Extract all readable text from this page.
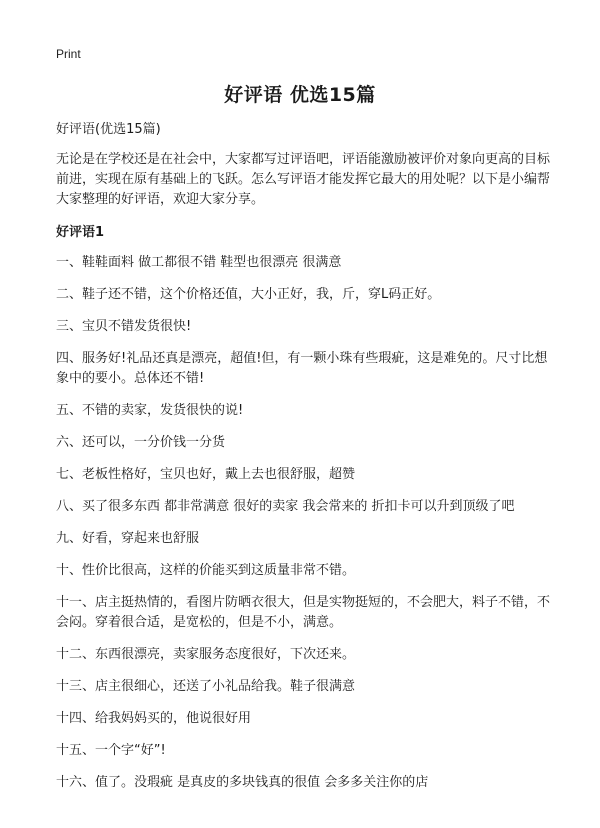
Print
好评语 优选15篇

好评语(优选15篇)

无论是在学校还是在社会中，大家都写过评语吧，评语能激励被评价对象向更高的目标前进，实现在原有基础上的飞跃。怎么写评语才能发挥它最大的用处呢？以下是小编帮大家整理的好评语，欢迎大家分享。

好评语1

一、鞋鞋面料 做工都很不错 鞋型也很漂亮 很满意

二、鞋子还不错，这个价格还值，大小正好，我，斤，穿L码正好。

三、宝贝不错发货很快!

四、服务好!礼品还真是漂亮，超值!但，有一颗小珠有些瑕疵，这是难免的。尺寸比想象中的要小。总体还不错!

五、不错的卖家，发货很快的说!

六、还可以，一分价钱一分货

七、老板性格好，宝贝也好，戴上去也很舒服，超赞

八、买了很多东西 都非常满意 很好的卖家 我会常来的 折扣卡可以升到顶级了吧

九、好看，穿起来也舒服

十、性价比很高，这样的价能买到这质量非常不错。

十一、店主挺热情的，看图片防晒衣很大，但是实物挺短的，不会肥大，料子不错，不会闷。穿着很合适，是宽松的，但是不小，满意。

十二、东西很漂亮，卖家服务态度很好，下次还来。

十三、店主很细心，还送了小礼品给我。鞋子很满意

十四、给我妈妈买的，他说很好用

十五、一个字“好”!

十六、值了。没瑕疵 是真皮的多块钱真的很值 会多多关注你的店
